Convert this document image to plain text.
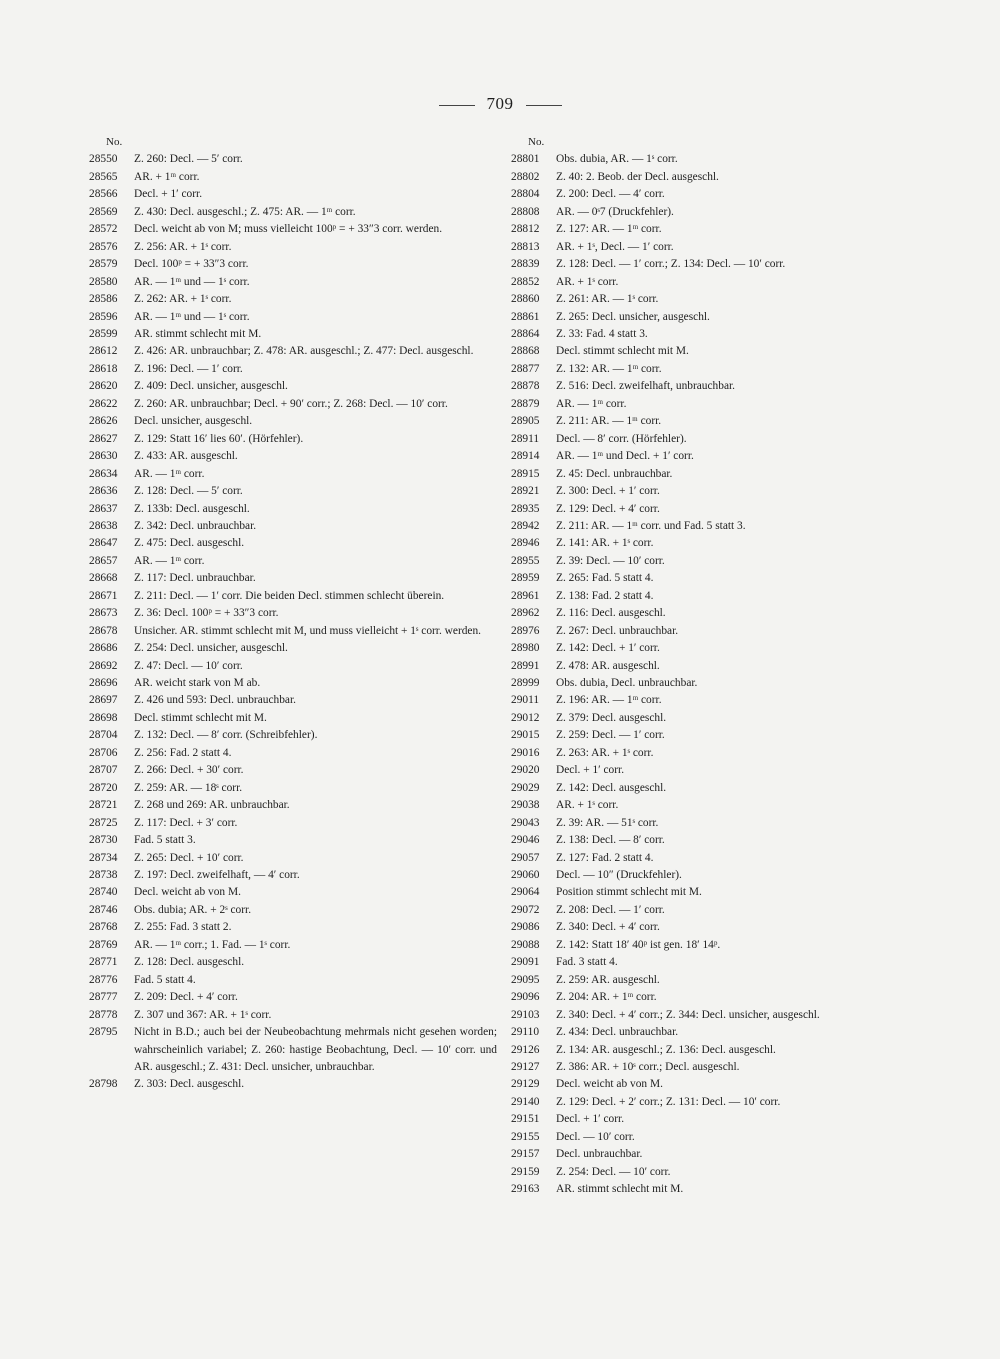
709
No.
28550	Z. 260: Decl. — 5′ corr.
28565	AR. + 1ᵐ corr.
28566	Decl. + 1′ corr.
28569	Z. 430: Decl. ausgeschl.; Z. 475: AR. — 1ᵐ corr.
28572	Decl. weicht ab von M; muss vielleicht 100ᵖ = + 33″3 corr. werden.
28576	Z. 256: AR. + 1ˢ corr.
28579	Decl. 100ᵖ = + 33″3 corr.
28580	AR. — 1ᵐ und — 1ˢ corr.
28586	Z. 262: AR. + 1ˢ corr.
28596	AR. — 1ᵐ und — 1ˢ corr.
28599	AR. stimmt schlecht mit M.
28612	Z. 426: AR. unbrauchbar; Z. 478: AR. ausgeschl.; Z. 477: Decl. ausgeschl.
28618	Z. 196: Decl. — 1′ corr.
28620	Z. 409: Decl. unsicher, ausgeschl.
28622	Z. 260: AR. unbrauchbar; Decl. + 90′ corr.; Z. 268: Decl. — 10′ corr.
28626	Decl. unsicher, ausgeschl.
28627	Z. 129: Statt 16′ lies 60′. (Hörfehler).
28630	Z. 433: AR. ausgeschl.
28634	AR. — 1ᵐ corr.
28636	Z. 128: Decl. — 5′ corr.
28637	Z. 133b: Decl. ausgeschl.
28638	Z. 342: Decl. unbrauchbar.
28647	Z. 475: Decl. ausgeschl.
28657	AR. — 1ᵐ corr.
28668	Z. 117: Decl. unbrauchbar.
28671	Z. 211: Decl. — 1′ corr. Die beiden Decl. stimmen schlecht überein.
28673	Z. 36: Decl. 100ᵖ = + 33″3 corr.
28678	Unsicher. AR. stimmt schlecht mit M, und muss vielleicht + 1ˢ corr. werden.
28686	Z. 254: Decl. unsicher, ausgeschl.
28692	Z. 47: Decl. — 10′ corr.
28696	AR. weicht stark von M ab.
28697	Z. 426 und 593: Decl. unbrauchbar.
28698	Decl. stimmt schlecht mit M.
28704	Z. 132: Decl. — 8′ corr. (Schreibfehler).
28706	Z. 256: Fad. 2 statt 4.
28707	Z. 266: Decl. + 30′ corr.
28720	Z. 259: AR. — 18ˢ corr.
28721	Z. 268 und 269: AR. unbrauchbar.
28725	Z. 117: Decl. + 3′ corr.
28730	Fad. 5 statt 3.
28734	Z. 265: Decl. + 10′ corr.
28738	Z. 197: Decl. zweifelhaft, — 4′ corr.
28740	Decl. weicht ab von M.
28746	Obs. dubia; AR. + 2ˢ corr.
28768	Z. 255: Fad. 3 statt 2.
28769	AR. — 1ᵐ corr.; 1. Fad. — 1ˢ corr.
28771	Z. 128: Decl. ausgeschl.
28776	Fad. 5 statt 4.
28777	Z. 209: Decl. + 4′ corr.
28778	Z. 307 und 367: AR. + 1ˢ corr.
28795	Nicht in B.D.; auch bei der Neubeobachtung mehrmals nicht gesehen worden; wahrscheinlich variabel; Z. 260: hastige Beobachtung, Decl. — 10′ corr. und AR. ausgeschl.; Z. 431: Decl. unsicher, unbrauchbar.
28798	Z. 303: Decl. ausgeschl.
No.
28801	Obs. dubia, AR. — 1ˢ corr.
28802	Z. 40: 2. Beob. der Decl. ausgeschl.
28804	Z. 200: Decl. — 4′ corr.
28808	AR. — 0ˢ7 (Druckfehler).
28812	Z. 127: AR. — 1ᵐ corr.
28813	AR. + 1ˢ, Decl. — 1′ corr.
28839	Z. 128: Decl. — 1′ corr.; Z. 134: Decl. — 10′ corr.
28852	AR. + 1ˢ corr.
28860	Z. 261: AR. — 1ˢ corr.
28861	Z. 265: Decl. unsicher, ausgeschl.
28864	Z. 33: Fad. 4 statt 3.
28868	Decl. stimmt schlecht mit M.
28877	Z. 132: AR. — 1ᵐ corr.
28878	Z. 516: Decl. zweifelhaft, unbrauchbar.
28879	AR. — 1ᵐ corr.
28905	Z. 211: AR. — 1ᵐ corr.
28911	Decl. — 8′ corr. (Hörfehler).
28914	AR. — 1ᵐ und Decl. + 1′ corr.
28915	Z. 45: Decl. unbrauchbar.
28921	Z. 300: Decl. + 1′ corr.
28935	Z. 129: Decl. + 4′ corr.
28942	Z. 211: AR. — 1ᵐ corr. und Fad. 5 statt 3.
28946	Z. 141: AR. + 1ˢ corr.
28955	Z. 39: Decl. — 10′ corr.
28959	Z. 265: Fad. 5 statt 4.
28961	Z. 138: Fad. 2 statt 4.
28962	Z. 116: Decl. ausgeschl.
28976	Z. 267: Decl. unbrauchbar.
28980	Z. 142: Decl. + 1′ corr.
28991	Z. 478: AR. ausgeschl.
28999	Obs. dubia, Decl. unbrauchbar.
29011	Z. 196: AR. — 1ᵐ corr.
29012	Z. 379: Decl. ausgeschl.
29015	Z. 259: Decl. — 1′ corr.
29016	Z. 263: AR. + 1ˢ corr.
29020	Decl. + 1′ corr.
29029	Z. 142: Decl. ausgeschl.
29038	AR. + 1ˢ corr.
29043	Z. 39: AR. — 51ˢ corr.
29046	Z. 138: Decl. — 8′ corr.
29057	Z. 127: Fad. 2 statt 4.
29060	Decl. — 10″ (Druckfehler).
29064	Position stimmt schlecht mit M.
29072	Z. 208: Decl. — 1′ corr.
29086	Z. 340: Decl. + 4′ corr.
29088	Z. 142: Statt 18′ 40ᵖ ist gen. 18′ 14ᵖ.
29091	Fad. 3 statt 4.
29095	Z. 259: AR. ausgeschl.
29096	Z. 204: AR. + 1ᵐ corr.
29103	Z. 340: Decl. + 4′ corr.; Z. 344: Decl. unsicher, ausgeschl.
29110	Z. 434: Decl. unbrauchbar.
29126	Z. 134: AR. ausgeschl.; Z. 136: Decl. ausgeschl.
29127	Z. 386: AR. + 10ˢ corr.; Decl. ausgeschl.
29129	Decl. weicht ab von M.
29140	Z. 129: Decl. + 2′ corr.; Z. 131: Decl. — 10′ corr.
29151	Decl. + 1′ corr.
29155	Decl. — 10′ corr.
29157	Decl. unbrauchbar.
29159	Z. 254: Decl. — 10′ corr.
29163	AR. stimmt schlecht mit M.
